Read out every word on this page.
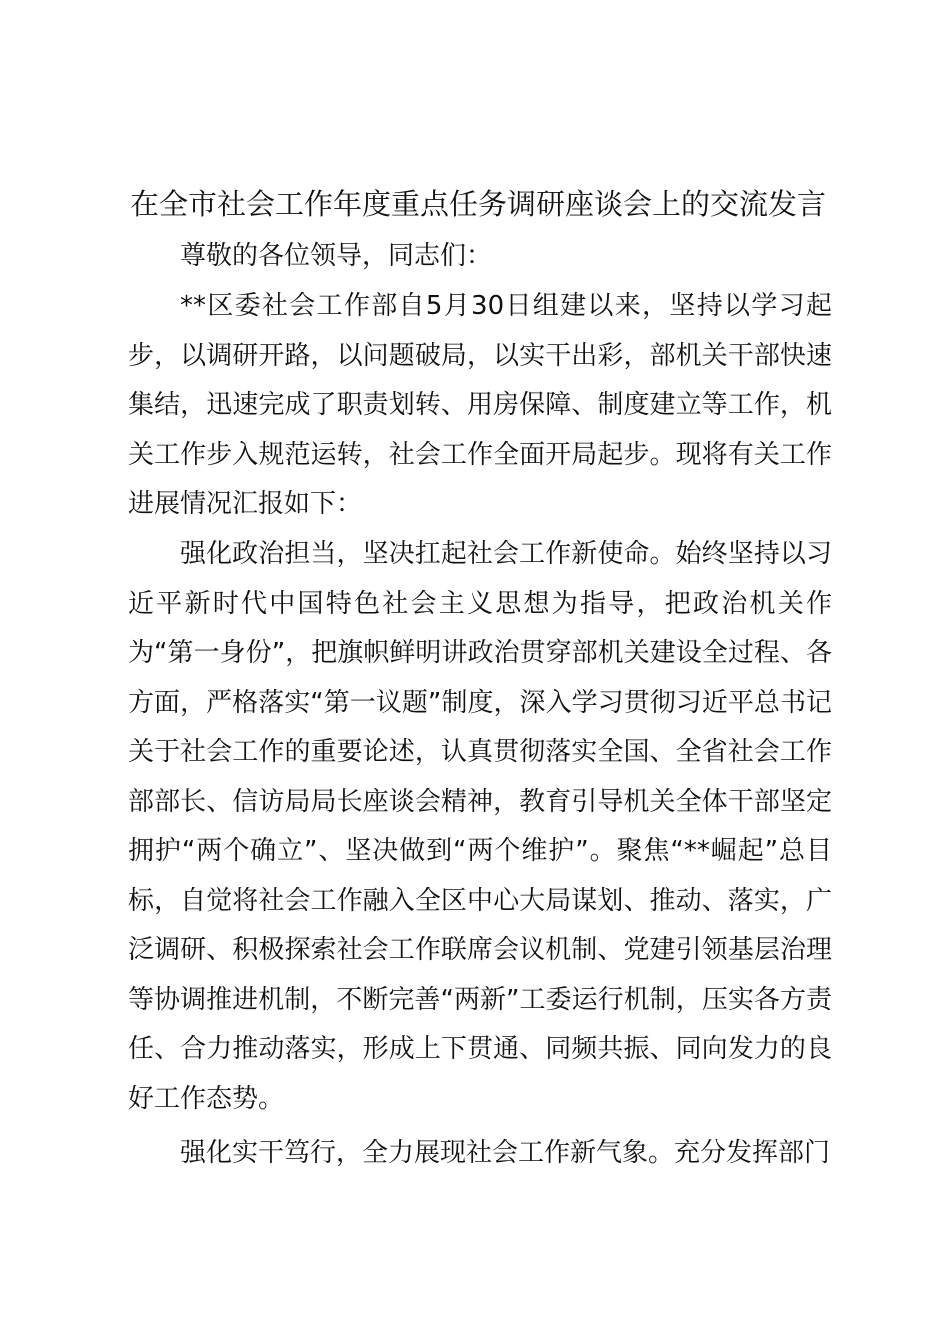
在全市社会工作年度重点任务调研座谈会上的交流发言

尊敬的各位领导，同志们：

**区委社会工作部自5月30日组建以来，坚持以学习起步，以调研开路，以问题破局，以实干出彩，部机关干部快速集结，迅速完成了职责划转、用房保障、制度建立等工作，机关工作步入规范运转，社会工作全面开局起步。现将有关工作进展情况汇报如下：

强化政治担当，坚决扛起社会工作新使命。始终坚持以习近平新时代中国特色社会主义思想为指导，把政治机关作为“第一身份”，把旗帜鲜明讲政治贯穿部机关建设全过程、各方面，严格落实“第一议题”制度，深入学习贯彻习近平总书记关于社会工作的重要论述，认真贯彻落实全国、全省社会工作部部长、信访局局长座谈会精神，教育引导机关全体干部坚定拥护“两个确立”、坚决做到“两个维护”。聚焦“**崛起”总目标，自觉将社会工作融入全区中心大局谋划、推动、落实，广泛调研、积极探索社会工作联席会议机制、党建引领基层治理等协调推进机制，不断完善“两新”工委运行机制，压实各方责任、合力推动落实，形成上下贯通、同频共振、同向发力的良好工作态势。

强化实干笃行，全力展现社会工作新气象。充分发挥部门
